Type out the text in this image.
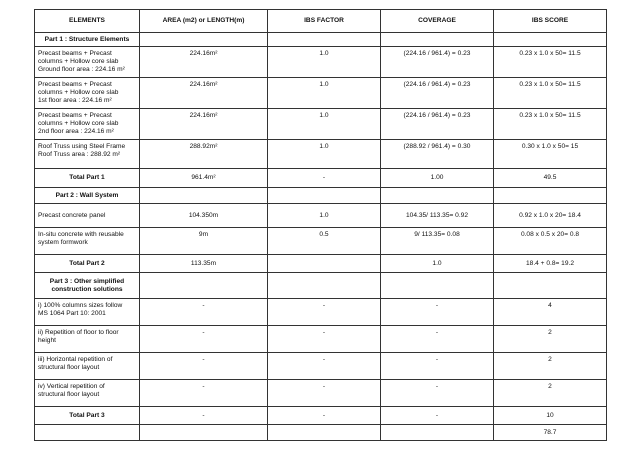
ELEMENTS	AREA (m2) or LENGTH(m)	IBS FACTOR	COVERAGE	IBS SCORE
Part 1 : Structure Elements				
Precast beams + Precast
columns + Hollow core slab
Ground floor area : 224.16 m²	224.16m²	1.0	(224.16 / 961.4) = 0.23	0.23 x 1.0 x 50= 11.5
Precast beams + Precast
columns + Hollow core slab
1st floor area : 224.16 m²	224.16m²	1.0	(224.16 / 961.4) = 0.23	0.23 x 1.0 x 50= 11.5
Precast beams + Precast
columns + Hollow core slab
2nd floor area : 224.16 m²	224.16m²	1.0	(224.16 / 961.4) = 0.23	0.23 x 1.0 x 50= 11.5
Roof Truss using Steel Frame
Roof Truss area : 288.92 m²	288.92m²	1.0	(288.92 / 961.4) = 0.30	0.30 x 1.0 x 50= 15
Total Part 1	961.4m²	-	1.00	49.5
Part 2 : Wall System				
Precast concrete panel	104.350m	1.0	104.35/ 113.35= 0.92	0.92 x 1.0 x 20= 18.4
In-situ concrete with reusable
system formwork	9m	0.5	9/ 113.35= 0.08	0.08 x 0.5 x 20= 0.8
Total Part 2	113.35m		1.0	18.4 + 0.8= 19.2
Part 3 : Other simplified
construction solutions				
i) 100% columns sizes follow
MS 1064 Part 10: 2001	-	-	-	4
ii) Repetition of floor to floor
height	-	-	-	2
iii) Horizontal repetition of
structural floor layout	-	-	-	2
iv) Vertical repetition of
structural floor layout	-	-	-	2
Total Part 3	-	-	-	10
				78.7
